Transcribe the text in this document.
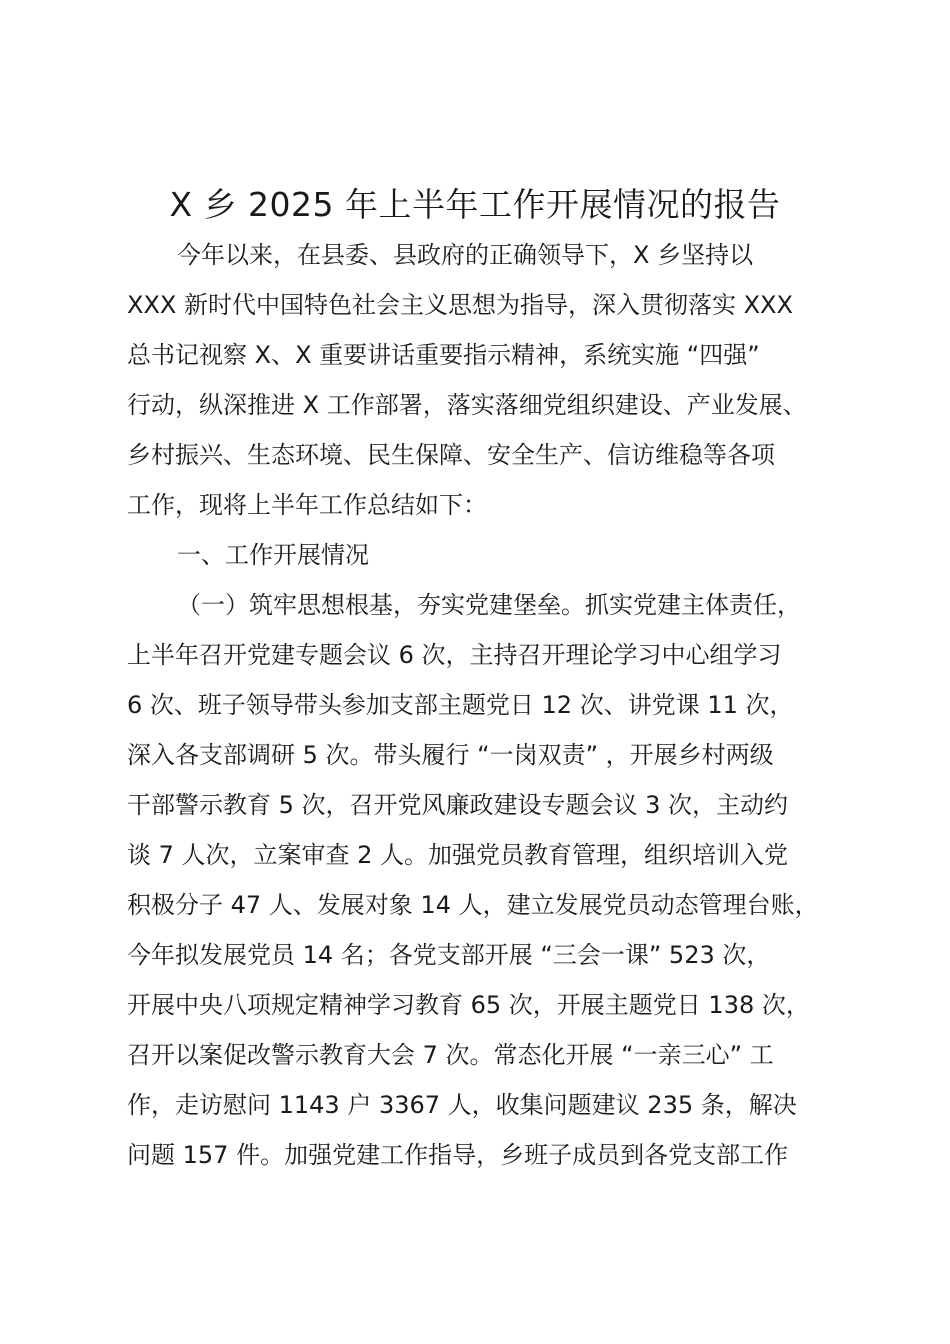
X 乡 2025 年上半年工作开展情况的报告
今年以来，在县委、县政府的正确领导下，X 乡坚持以
XXX 新时代中国特色社会主义思想为指导，深入贯彻落实 XXX
总书记视察 X、X 重要讲话重要指示精神，系统实施 “四强”
行动，纵深推进 X 工作部署，落实落细党组织建设、产业发展、
乡村振兴、生态环境、民生保障、安全生产、信访维稳等各项
工作，现将上半年工作总结如下：
一、工作开展情况
（一）筑牢思想根基，夯实党建堡垒。抓实党建主体责任，
上半年召开党建专题会议 6 次，主持召开理论学习中心组学习
6 次、班子领导带头参加支部主题党日 12 次、讲党课 11 次，
深入各支部调研 5 次。带头履行 “一岗双责” ，开展乡村两级
干部警示教育 5 次，召开党风廉政建设专题会议 3 次，主动约
谈 7 人次，立案审查 2 人。加强党员教育管理，组织培训入党
积极分子 47 人、发展对象 14 人，建立发展党员动态管理台账，
今年拟发展党员 14 名；各党支部开展 “三会一课” 523 次，
开展中央八项规定精神学习教育 65 次，开展主题党日 138 次，
召开以案促改警示教育大会 7 次。常态化开展 “一亲三心” 工
作，走访慰问 1143 户 3367 人，收集问题建议 235 条，解决
问题 157 件。加强党建工作指导，乡班子成员到各党支部工作
